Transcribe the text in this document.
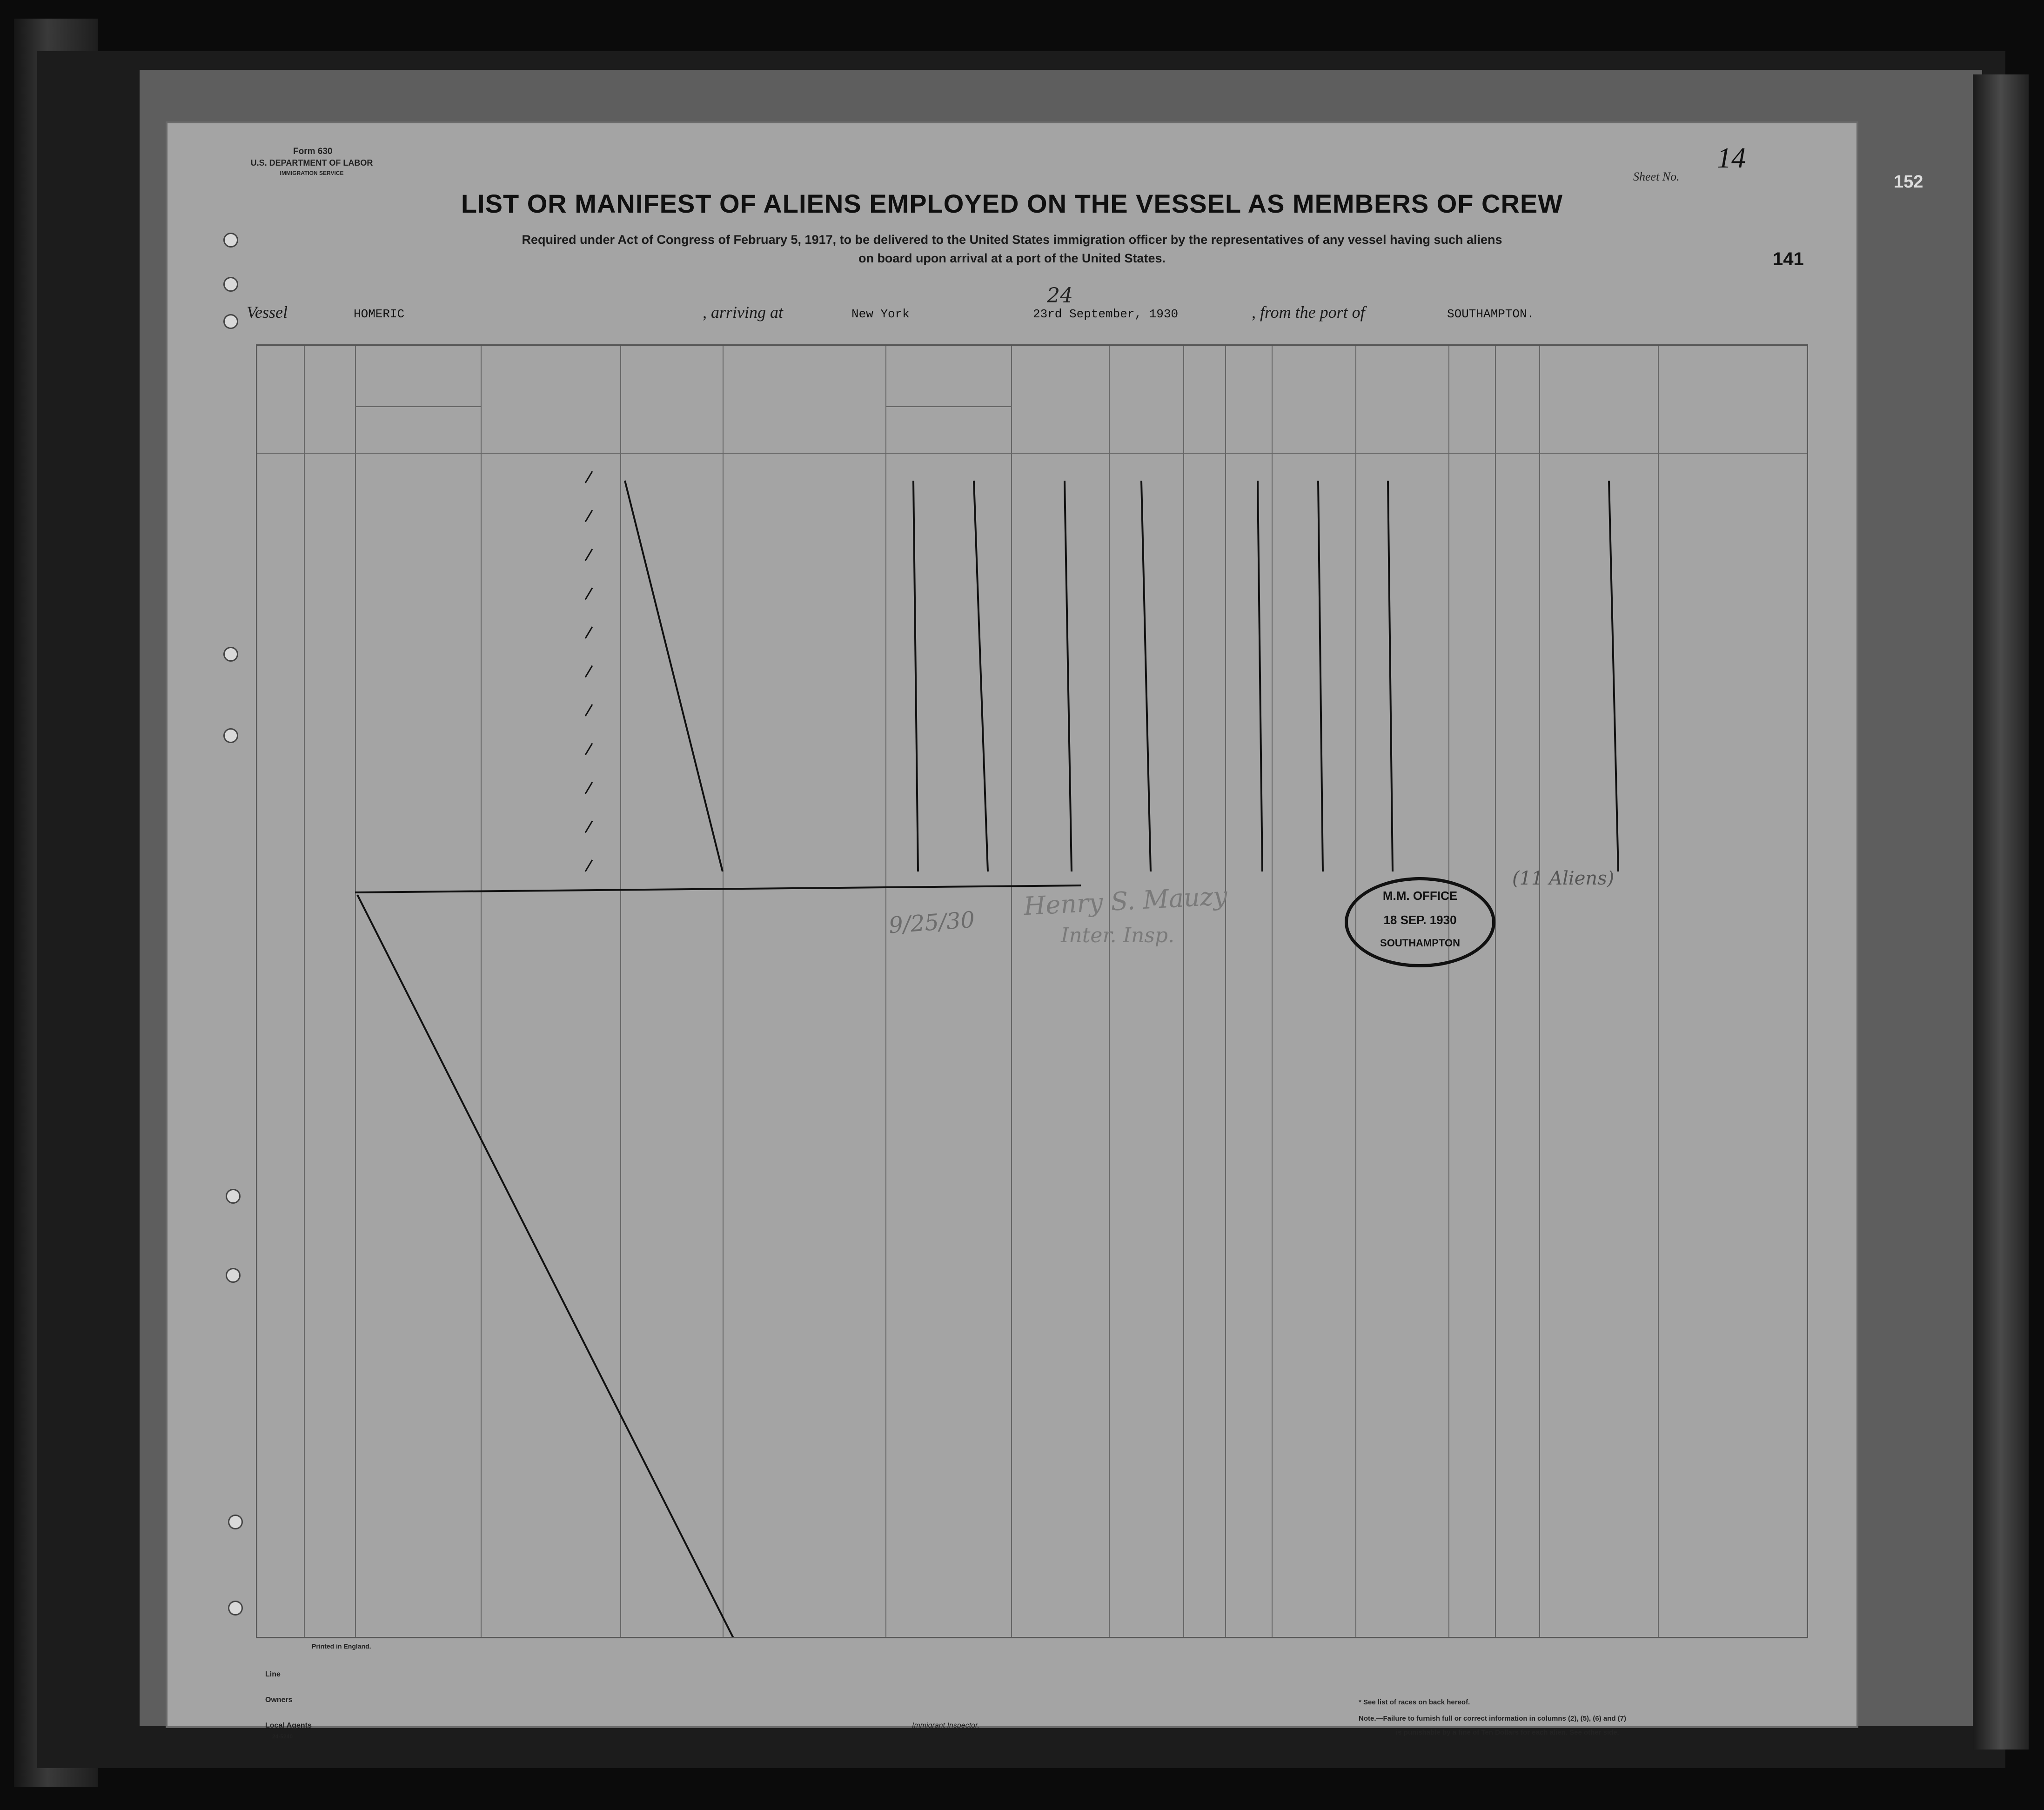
152
Form 630
U.S. DEPARTMENT OF LABOR
IMMIGRATION SERVICE	Sheet No.
14
LIST OR MANIFEST OF ALIENS EMPLOYED ON THE VESSEL AS MEMBERS OF CREW
Required under Act of Congress of February 5, 1917, to be delivered to the United States immigration officer by the representatives of any vessel having such aliens
on board upon arrival at a port of the United States.	141
Vessel	HOMERIC	, arriving at	New York
24
23rd September, 1930	, from the port of	SOUTHAMPTON.
M.M. OFFICE
18 SEP. 1930
SOUTHAMPTON
(11 Aliens)
Henry S. Mauzy
Inter. Insp.
9/25/30
Printed in England.
Line
Owners
Local Agents
24-5240
Immigrant Inspector.
* See list of races on back hereof.
Note.—Failure to furnish full or correct information in columns (2), (5), (6) and (7)
is punishable by a fine of Ten Dollars for each alien. See other side.
